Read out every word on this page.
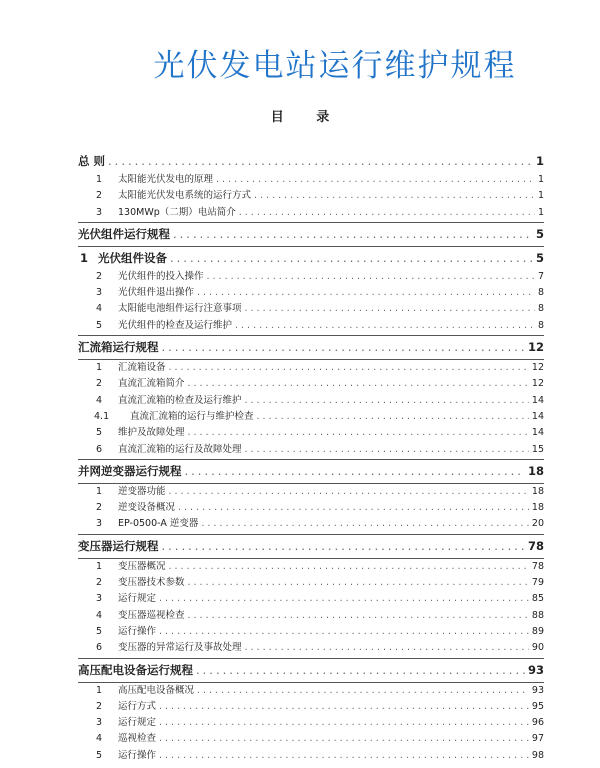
光伏发电站运行维护规程
目 录
总 则 .....	1
1	太阳能光伏发电的原理 .....	1
2	太阳能光伏发电系统的运行方式 .....	1
3	130MWp（二期）电站简介 .....	1
光伏组件运行规程 .....	5
1 光伏组件设备 .....	5
2	光伏组件的投入操作 .....	7
3	光伏组件退出操作 .....	8
4	太阳能电池组件运行注意事项 .....	8
5	光伏组件的检查及运行维护 .....	8
汇流箱运行规程 .....	12
1	汇流箱设备 .....	12
2	直流汇流箱简介 .....	12
4	直流汇流箱的检查及运行维护 .....	14
4.1	直流汇流箱的运行与维护检查 .....	14
5	维护及故障处理 .....	14
6	直流汇流箱的运行及故障处理 .....	15
并网逆变器运行规程 .....	18
1	逆变器功能 .....	18
2	逆变设备概况 .....	18
3	EP-0500-A 逆变器 .....	20
变压器运行规程 .....	78
1	变压器概况 .....	78
2	变压器技术参数 .....	79
3	运行规定 .....	85
4	变压器巡视检查 .....	88
5	运行操作 .....	89
6	变压器的异常运行及事故处理 .....	90
高压配电设备运行规程 .....	93
1	高压配电设备概况 .....	93
2	运行方式 .....	95
3	运行规定 .....	96
4	巡视检查 .....	97
5	运行操作 .....	98
